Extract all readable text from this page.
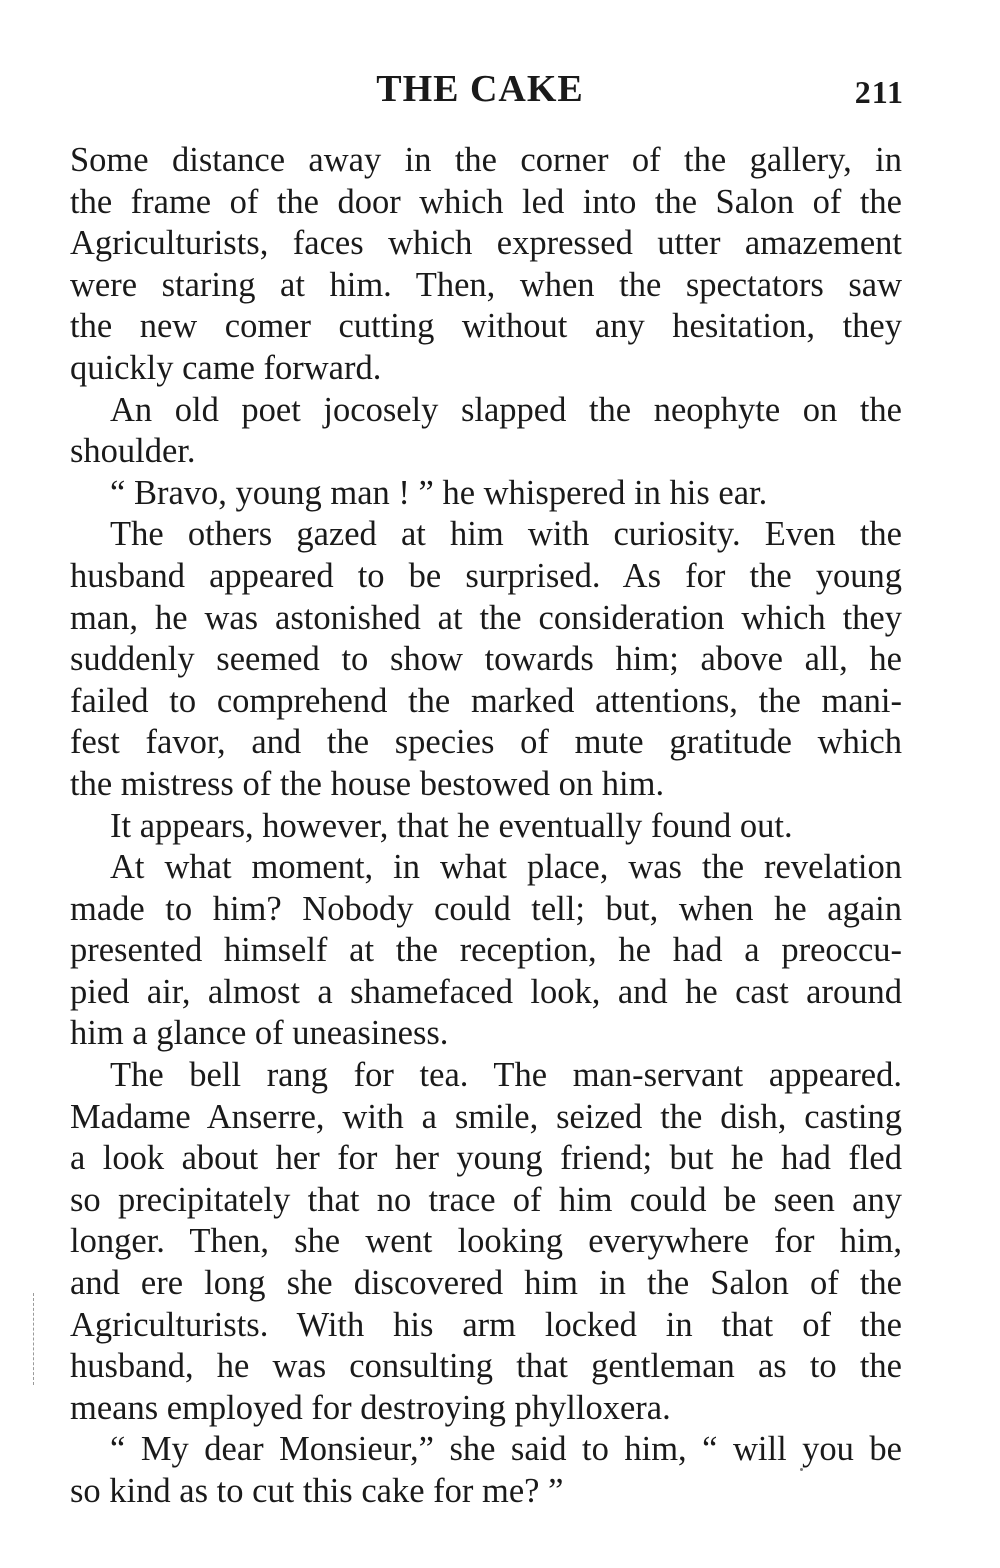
THE CAKE	211
Some distance away in the corner of the gallery, in
the frame of the door which led into the Salon of the
Agriculturists, faces which expressed utter amazement
were staring at him. Then, when the spectators saw
the new comer cutting without any hesitation, they
quickly came forward.
An old poet jocosely slapped the neophyte on the
shoulder.
“ Bravo, young man ! ” he whispered in his ear.
The others gazed at him with curiosity. Even the
husband appeared to be surprised. As for the young
man, he was astonished at the consideration which they
suddenly seemed to show towards him; above all, he
failed to comprehend the marked attentions, the mani-
fest favor, and the species of mute gratitude which
the mistress of the house bestowed on him.
It appears, however, that he eventually found out.
At what moment, in what place, was the revelation
made to him? Nobody could tell; but, when he again
presented himself at the reception, he had a preoccu-
pied air, almost a shamefaced look, and he cast around
him a glance of uneasiness.
The bell rang for tea. The man-servant appeared.
Madame Anserre, with a smile, seized the dish, casting
a look about her for her young friend; but he had fled
so precipitately that no trace of him could be seen any
longer. Then, she went looking everywhere for him,
and ere long she discovered him in the Salon of the
Agriculturists. With his arm locked in that of the
husband, he was consulting that gentleman as to the
means employed for destroying phylloxera.
“ My dear Monsieur,” she said to him, “ will you be
so kind as to cut this cake for me? ”
